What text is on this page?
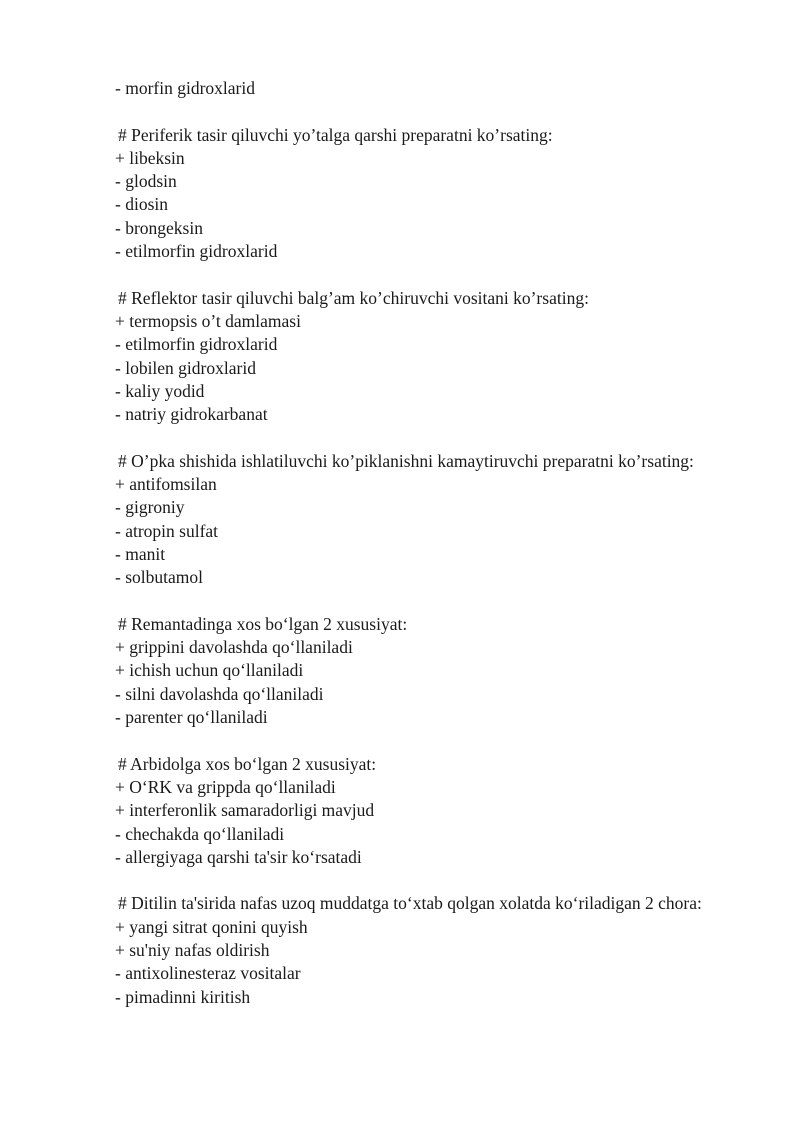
- morfin gidroxlarid
# Periferik tasir qiluvchi yo’talga qarshi preparatni ko’rsating:
+ libeksin
- glodsin
- diosin
- brongeksin
- etilmorfin gidroxlarid
# Reflektor tasir qiluvchi balg’am ko’chiruvchi vositani ko’rsating:
+ termopsis o’t damlamasi
- etilmorfin gidroxlarid
- lobilen gidroxlarid
- kaliy yodid
- natriy gidrokarbanat
# O’pka shishida ishlatiluvchi ko’piklanishni kamaytiruvchi preparatni ko’rsating:
+ antifomsilan
- gigroniy
- atropin sulfat
- manit
- solbutamol
# Remantadinga xos bo‘lgan 2 xususiyat:
+ grippini davolashda qo‘llaniladi
+ ichish uchun qo‘llaniladi
- silni davolashda qo‘llaniladi
- parenter qo‘llaniladi
# Arbidolga xos bo‘lgan 2 xususiyat:
+ O‘RK va grippda qo‘llaniladi
+ interferonlik samaradorligi mavjud
- chechakda qo‘llaniladi
- allergiyaga qarshi ta'sir ko‘rsatadi
# Ditilin ta'sirida nafas uzoq muddatga to‘xtab qolgan xolatda ko‘riladigan 2 chora:
+ yangi sitrat qonini quyish
+ su'niy nafas oldirish
- antixolinesteraz vositalar
- pimadinni kiritish
